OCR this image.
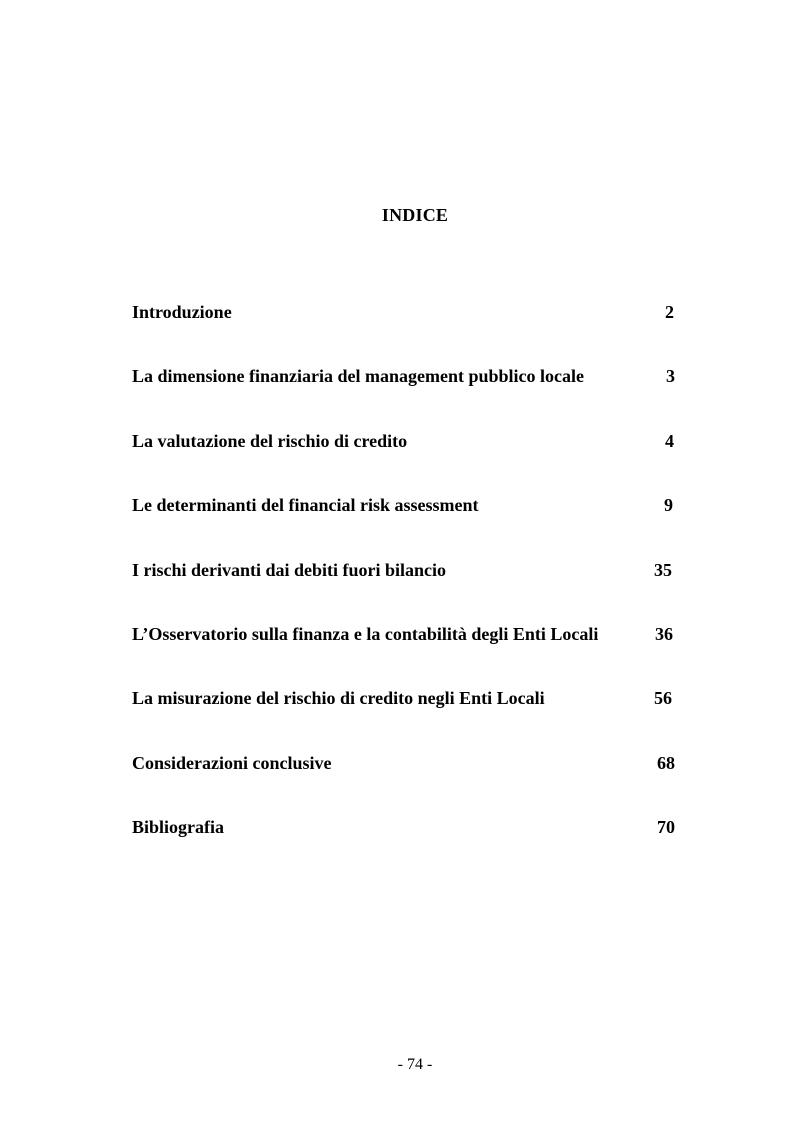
INDICE
Introduzione	2
La dimensione finanziaria del management pubblico locale	3
La valutazione del rischio di credito	4
Le determinanti del financial risk assessment	9
I rischi derivanti dai debiti fuori bilancio	35
L’Osservatorio sulla finanza e la contabilità degli Enti Locali	36
La misurazione del rischio di credito negli Enti Locali	56
Considerazioni conclusive	68
Bibliografia	70
- 74 -
